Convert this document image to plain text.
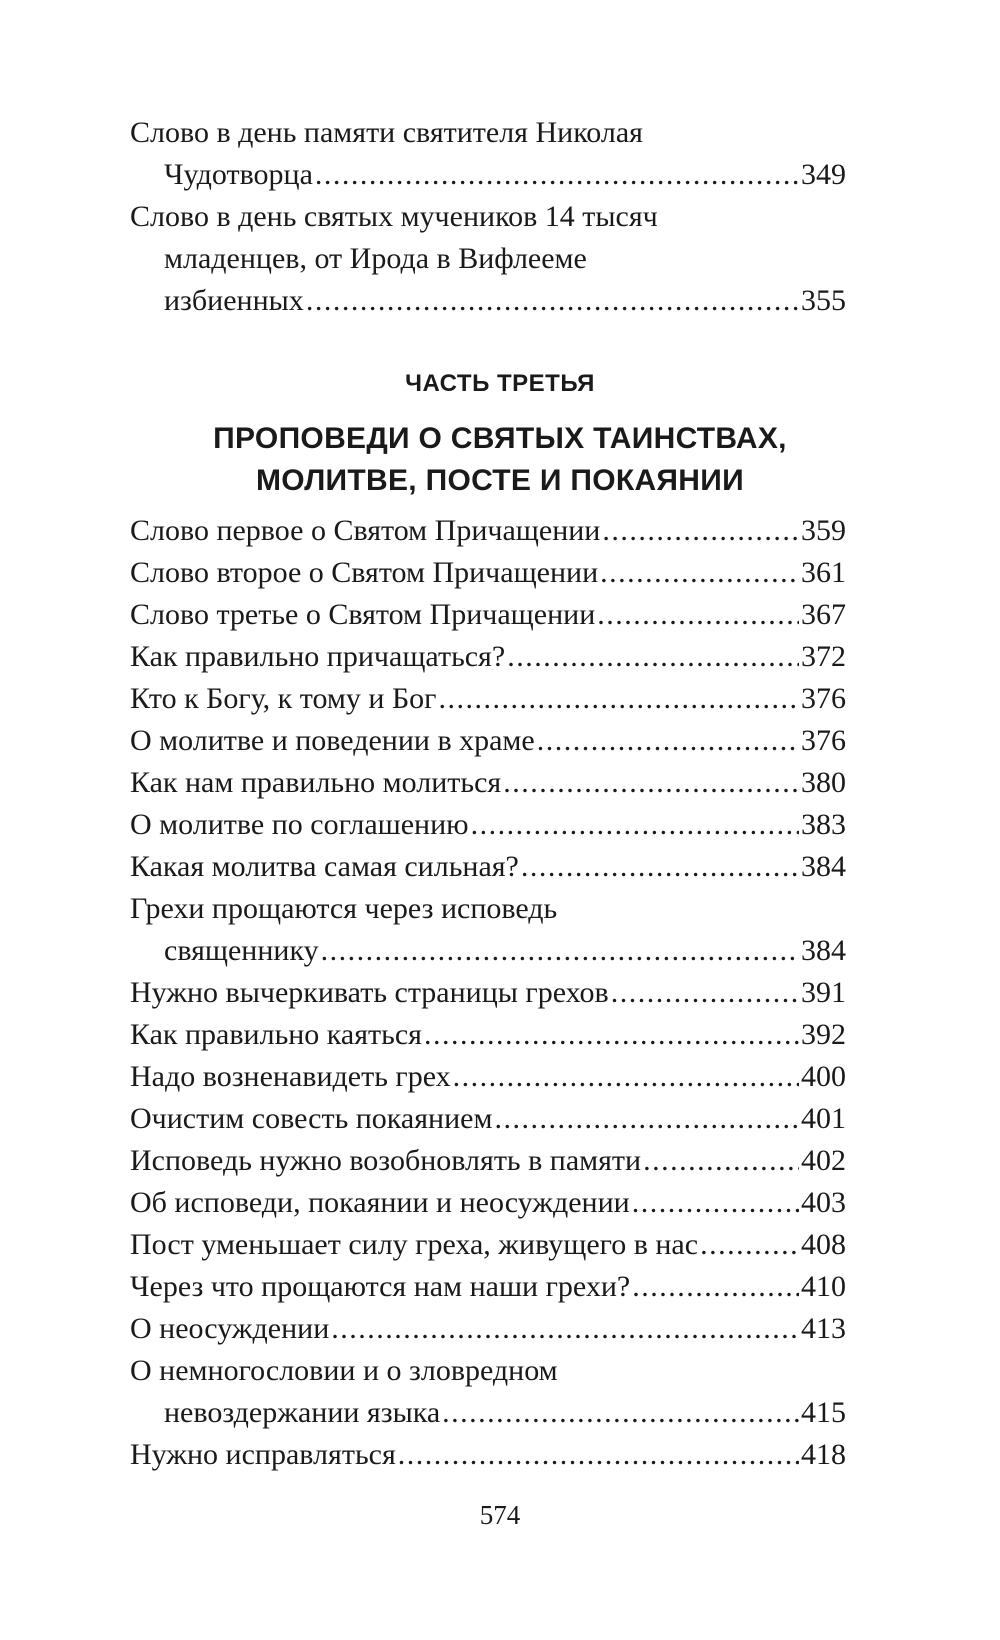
Слово в день памяти святителя Николая
Чудотворца . . .	349
Слово в день святых мучеников 14 тысяч
младенцев, от Ирода в Вифлееме
избиенных . . .	355
ЧАСТЬ ТРЕТЬЯ
ПРОПОВЕДИ О СВЯТЫХ ТАИНСТВАХ,
МОЛИТВЕ, ПОСТЕ И ПОКАЯНИИ
Слово первое о Святом Причащении . . .	359
Слово второе о Святом Причащении . . .	361
Слово третье о Святом Причащении . . .	367
Как правильно причащаться? . . .	372
Кто к Богу, к тому и Бог . . .	376
О молитве и поведении в храме . . .	376
Как нам правильно молиться . . .	380
О молитве по соглашению . . .	383
Какая молитва самая сильная? . . .	384
Грехи прощаются через исповедь
священнику . . .	384
Нужно вычеркивать страницы грехов . . .	391
Как правильно каяться . . .	392
Надо возненавидеть грех . . .	400
Очистим совесть покаянием . . .	401
Исповедь нужно возобновлять в памяти . . .	402
Об исповеди, покаянии и неосуждении . . .	403
Пост уменьшает силу греха, живущего в нас . . .	408
Через что прощаются нам наши грехи? . . .	410
О неосуждении . . .	413
О немногословии и о зловредном
невоздержании языка . . .	415
Нужно исправляться . . .	418
574
